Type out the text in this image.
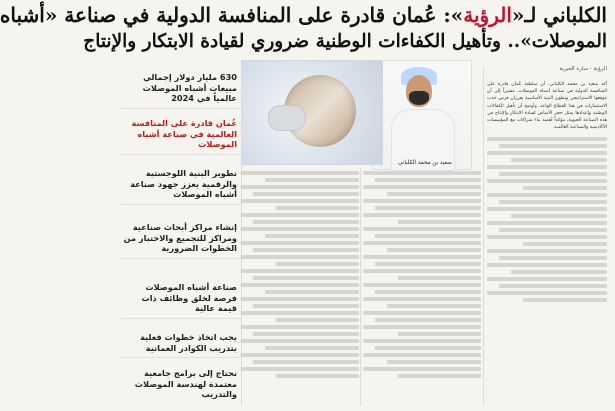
الكلباني لـ«الرؤية»: عُمان قادرة على المنافسة الدولية في صناعة «أشباه
الموصلات».. وتأهيل الكفاءات الوطنية ضروري لقيادة الابتكار والإنتاج
الرؤية - ساره العبرية
سعيد بن محمد الكلباني
أكد سعيد بن محمد الكلباني، أن سلطنة عُمان قادرة على المنافسة الدولية في صناعة أشباه الموصلات، مشيراً إلى أن موقعها الاستراتيجي وتطوير البنية الأساسية يعززان فرص جذب الاستثمارات في هذا القطاع الواعد. وأوضح أن تأهيل الكفاءات الوطنية وإعدادها يمثل حجر الأساس لقيادة الابتكار والإنتاج في هذه الصناعة الحيوية، مؤكداً أهمية بناء شراكات مع المؤسسات الأكاديمية والصناعية العالمية.
630 مليار دولار إجمالي مبيعات أشباه الموصلات عالمياً في 2024
عُمان قادرة على المنافسة العالمية في صناعة أشباه الموصلات
تطوير البنية اللوجستية والرقمية يعزز جهود صناعة أشباه الموصلات
إنشاء مراكز أبحاث صناعية ومراكز للتجميع والاختبار من الخطوات الضرورية
صناعة أشباه الموصلات فرصة لخلق وظائف ذات قيمة عالية
يجب اتخاذ خطوات فعلية بتدريب الكوادر العمانية
نحتاج إلى برامج جامعية معتمدة لهندسة الموصلات والتدريب
